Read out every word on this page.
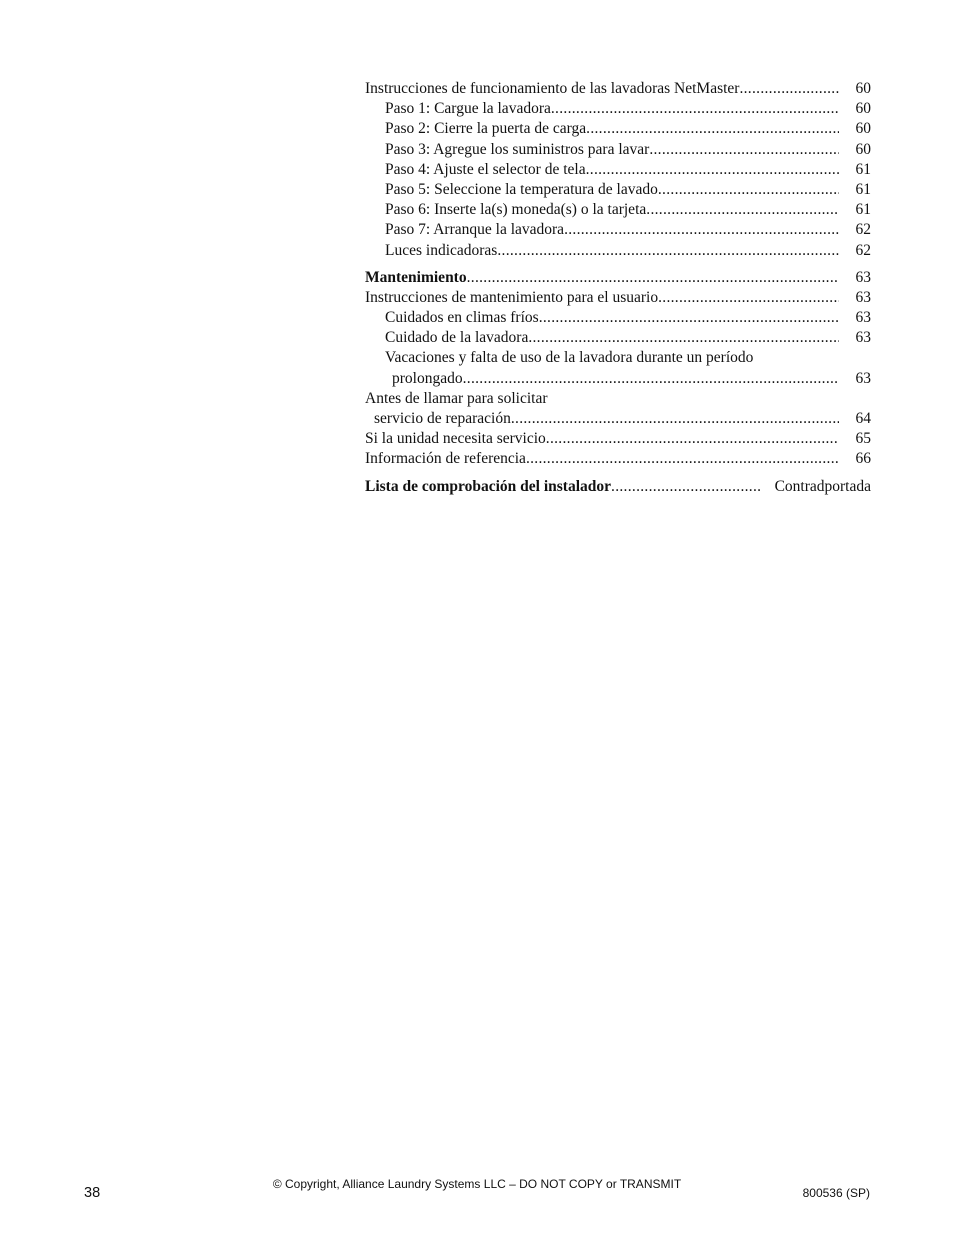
Instrucciones de funcionamiento de las lavadoras NetMaster .....	60
Paso 1: Cargue la lavadora .....	60
Paso 2: Cierre la puerta de carga .....	60
Paso 3: Agregue los suministros para lavar .....	60
Paso 4: Ajuste el selector de tela .....	61
Paso 5: Seleccione la temperatura de lavado .....	61
Paso 6: Inserte la(s) moneda(s) o la tarjeta .....	61
Paso 7: Arranque la lavadora .....	62
Luces indicadoras .....	62
Mantenimiento .....	63
Instrucciones de mantenimiento para el usuario .....	63
Cuidados en climas fríos .....	63
Cuidado de la lavadora .....	63
Vacaciones y falta de uso de la lavadora durante un período
prolongado .....	63
Antes de llamar para solicitar
servicio de reparación .....	64
Si la unidad necesita servicio .....	65
Información de referencia .....	66
Lista de comprobación del instalador .....	Contradportada
38
© Copyright, Alliance Laundry Systems LLC – DO NOT COPY or TRANSMIT
800536 (SP)
